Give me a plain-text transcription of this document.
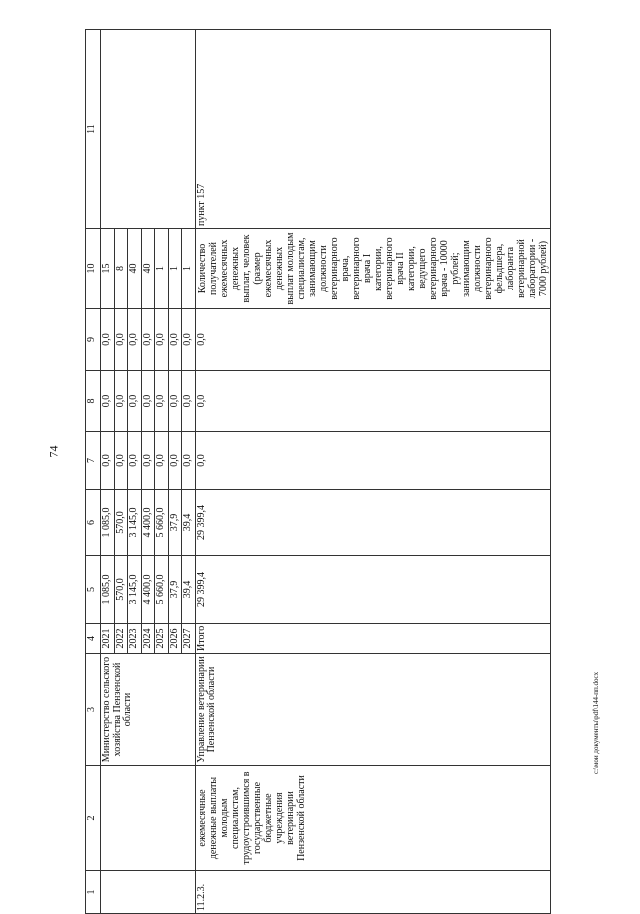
74
1	2	3	4	5	6	7	8	9	10	11
		Министерство сельского хозяйства Пензенской области	2021	1 085,0	1 085,0	0,0	0,0	0,0	15	
			2022	570,0	570,0	0,0	0,0	0,0	8	
			2023	3 145,0	3 145,0	0,0	0,0	0,0	40	
			2024	4 400,0	4 400,0	0,0	0,0	0,0	40	
			2025	5 660,0	5 660,0	0,0	0,0	0,0	1	
			2026	37,9	37,9	0,0	0,0	0,0	1	
			2027	39,4	39,4	0,0	0,0	0,0	1	
11.2.3.	ежемесячные денежные выплаты молодым специалистам, трудоустроившимся в государственные бюджетные учреждения ветеринарии Пензенской области	Управление ветеринарии Пензенской области	Итого	29 399,4	29 399,4	0,0	0,0	0,0	Количество получателей ежемесячных денежных выплат, человек (размер ежемесячных денежных выплат молодым специалистам, занимающим должности ветеринарного врача, ветеринарного врача I категории, ветеринарного врача II категории, ведущего ветеринарного врача - 10000 рублей; занимающим должности ветеринарного фельдшера, лаборанта ветеринарной лаборатории - 7000 рублей)	пункт 157
c:\мои документы\pdf\144-пп.docx
